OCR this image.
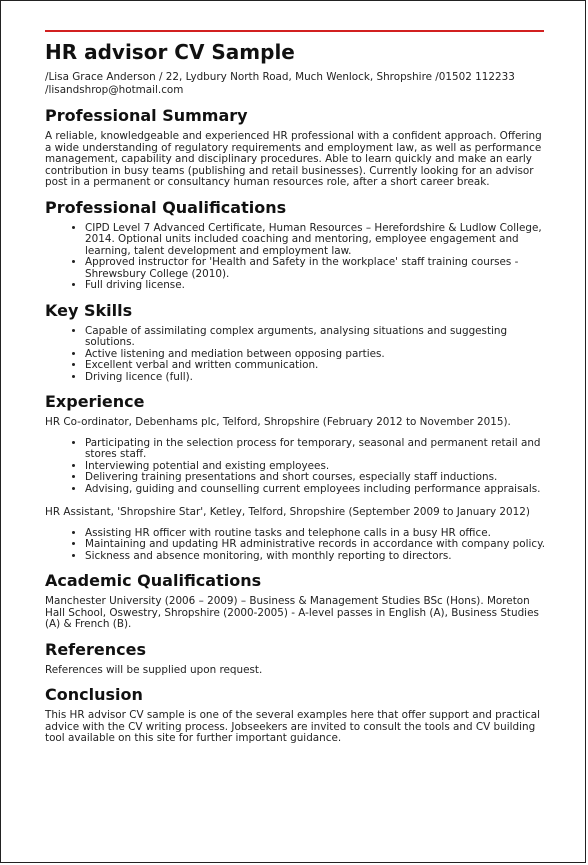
HR advisor CV Sample
/Lisa Grace Anderson / 22, Lydbury North Road, Much Wenlock, Shropshire /01502 112233 /lisandshrop@hotmail.com
Professional Summary

A reliable, knowledgeable and experienced HR professional with a confident approach. Offering a wide understanding of regulatory requirements and employment law, as well as performance management, capability and disciplinary procedures. Able to learn quickly and make an early contribution in busy teams (publishing and retail businesses). Currently looking for an advisor post in a permanent or consultancy human resources role, after a short career break.

Professional Qualifications
• CIPD Level 7 Advanced Certificate, Human Resources – Herefordshire & Ludlow College, 2014. Optional units included coaching and mentoring, employee engagement and learning, talent development and employment law.
• Approved instructor for 'Health and Safety in the workplace' staff training courses - Shrewsbury College (2010).
• Full driving license.
Key Skills
• Capable of assimilating complex arguments, analysing situations and suggesting solutions.
• Active listening and mediation between opposing parties.
• Excellent verbal and written communication.
• Driving licence (full).
Experience

HR Co-ordinator, Debenhams plc, Telford, Shropshire (February 2012 to November 2015).

• Participating in the selection process for temporary, seasonal and permanent retail and stores staff.
• Interviewing potential and existing employees.
• Delivering training presentations and short courses, especially staff inductions.
• Advising, guiding and counselling current employees including performance appraisals.

HR Assistant, 'Shropshire Star', Ketley, Telford, Shropshire (September 2009 to January 2012)

• Assisting HR officer with routine tasks and telephone calls in a busy HR office.
• Maintaining and updating HR administrative records in accordance with company policy.
• Sickness and absence monitoring, with monthly reporting to directors.
Academic Qualifications

Manchester University (2006 – 2009) – Business & Management Studies BSc (Hons). Moreton Hall School, Oswestry, Shropshire (2000-2005) - A-level passes in English (A), Business Studies (A) & French (B).

References

References will be supplied upon request.

Conclusion

This HR advisor CV sample is one of the several examples here that offer support and practical advice with the CV writing process. Jobseekers are invited to consult the tools and CV building tool available on this site for further important guidance.
